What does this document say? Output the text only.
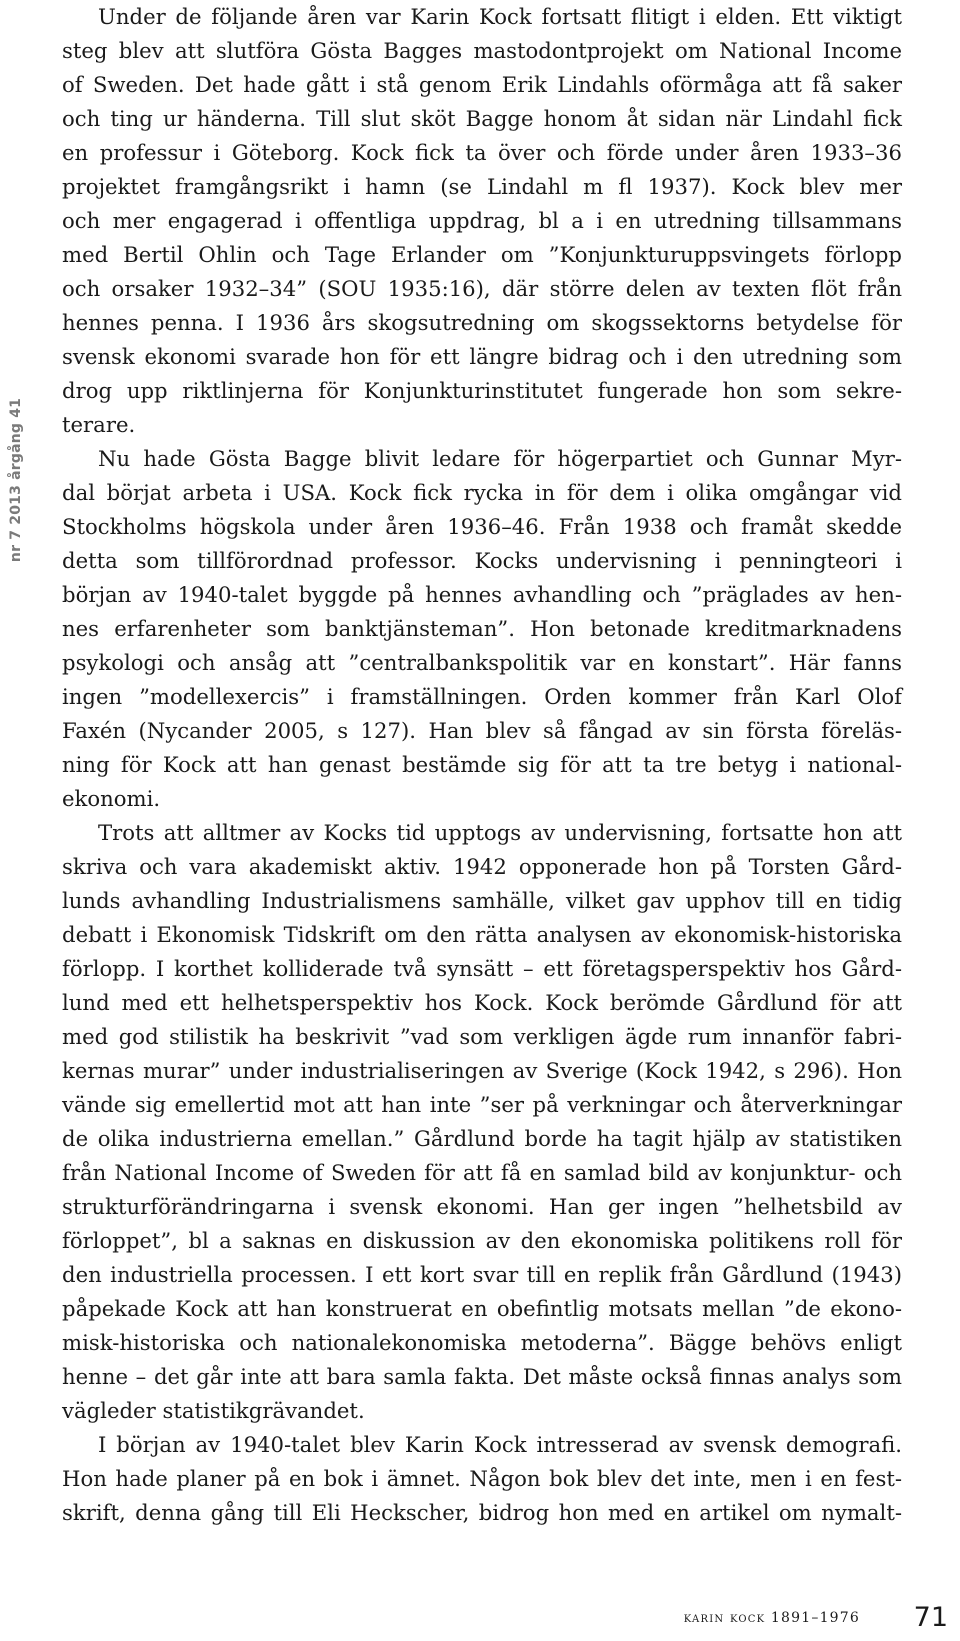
nr 7 2013 årgång 41
Under de följande åren var Karin Kock fortsatt flitigt i elden. Ett viktigt
steg blev att slutföra Gösta Bagges mastodontprojekt om National Income
of Sweden. Det hade gått i stå genom Erik Lindahls oförmåga att få saker
och ting ur händerna. Till slut sköt Bagge honom åt sidan när Lindahl fick
en professur i Göteborg. Kock fick ta över och förde under åren 1933–36
projektet framgångsrikt i hamn (se Lindahl m fl 1937). Kock blev mer
och mer engagerad i offentliga uppdrag, bl a i en utredning tillsammans
med Bertil Ohlin och Tage Erlander om ”Konjunkturuppsvingets förlopp
och orsaker 1932–34” (SOU 1935:16), där större delen av texten flöt från
hennes penna. I 1936 års skogsutredning om skogssektorns betydelse för
svensk ekonomi svarade hon för ett längre bidrag och i den utredning som
drog upp riktlinjerna för Konjunkturinstitutet fungerade hon som sekre-
terare.
Nu hade Gösta Bagge blivit ledare för högerpartiet och Gunnar Myr-
dal börjat arbeta i USA. Kock fick rycka in för dem i olika omgångar vid
Stockholms högskola under åren 1936–46. Från 1938 och framåt skedde
detta som tillförordnad professor. Kocks undervisning i penningteori i
början av 1940-talet byggde på hennes avhandling och ”präglades av hen-
nes erfarenheter som banktjänsteman”. Hon betonade kreditmarknadens
psykologi och ansåg att ”centralbankspolitik var en konstart”. Här fanns
ingen ”modellexercis” i framställningen. Orden kommer från Karl Olof
Faxén (Nycander 2005, s 127). Han blev så fångad av sin första föreläs-
ning för Kock att han genast bestämde sig för att ta tre betyg i national-
ekonomi.
Trots att alltmer av Kocks tid upptogs av undervisning, fortsatte hon att
skriva och vara akademiskt aktiv. 1942 opponerade hon på Torsten Gård-
lunds avhandling Industrialismens samhälle, vilket gav upphov till en tidig
debatt i Ekonomisk Tidskrift om den rätta analysen av ekonomisk-historiska
förlopp. I korthet kolliderade två synsätt – ett företagsperspektiv hos Gård-
lund med ett helhetsperspektiv hos Kock. Kock berömde Gårdlund för att
med god stilistik ha beskrivit ”vad som verkligen ägde rum innanför fabri-
kernas murar” under industrialiseringen av Sverige (Kock 1942, s 296). Hon
vände sig emellertid mot att han inte ”ser på verkningar och återverkningar
de olika industrierna emellan.” Gårdlund borde ha tagit hjälp av statistiken
från National Income of Sweden för att få en samlad bild av konjunktur- och
strukturförändringarna i svensk ekonomi. Han ger ingen ”helhetsbild av
förloppet”, bl a saknas en diskussion av den ekonomiska politikens roll för
den industriella processen. I ett kort svar till en replik från Gårdlund (1943)
påpekade Kock att han konstruerat en obefintlig motsats mellan ”de ekono-
misk-historiska och nationalekonomiska metoderna”. Bägge behövs enligt
henne – det går inte att bara samla fakta. Det måste också finnas analys som
vägleder statistikgrävandet.
I början av 1940-talet blev Karin Kock intresserad av svensk demografi.
Hon hade planer på en bok i ämnet. Någon bok blev det inte, men i en fest-
skrift, denna gång till Eli Heckscher, bidrog hon med en artikel om nymalt-
karin kock 1891–1976 71
